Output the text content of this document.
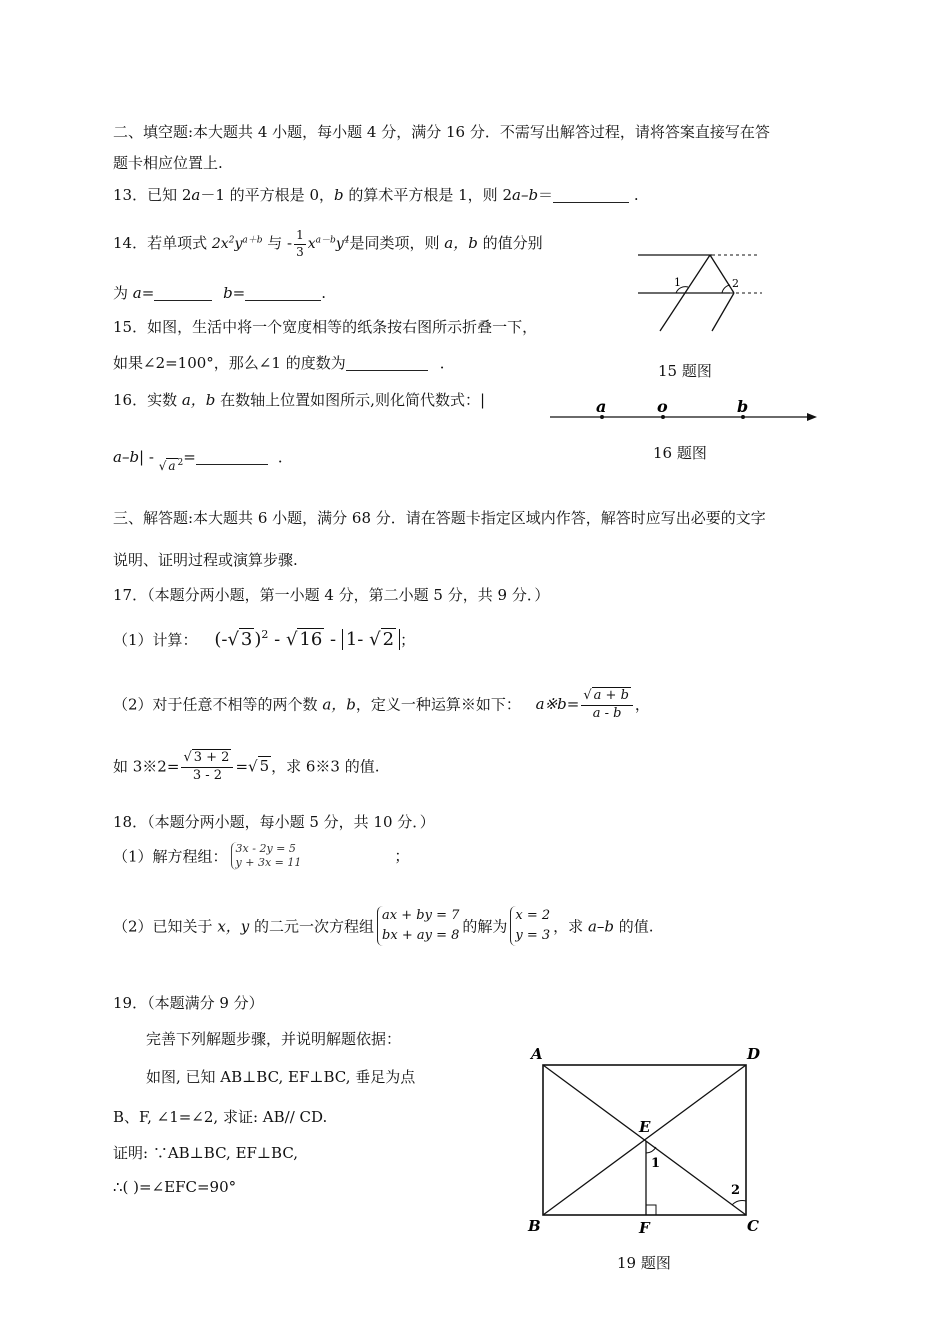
二、填空题:本大题共 4 小题，每小题 4 分，满分 16 分．不需写出解答过程，请将答案直接写在答
题卡相应位置上.
13．已知 2a－1 的平方根是 0，b 的算术平方根是 1，则 2a–b＝	.
14．若单项式 $2x^2y^{a+b}$ 与 - $\frac{1}{3} x^{a-b}y^4$是同类项，则 a，b 的值分别
为 a=	b=	.
15．如图，生活中将一个宽度相等的纸条按右图所示折叠一下，
如果∠2=100°，那么∠1 的度数为	．
1	2
15 题图
16．实数 a，b 在数轴上位置如图所示,则化简代数式：|
a–b| - √ a $^2$=	．
a	o	b
16 题图
三、解答题:本大题共 6 小题，满分 68 分．请在答题卡指定区域内作答，解答时应写出必要的文字
说明、证明过程或演算步骤.
17．（本题分两小题，第一小题 4 分，第二小题 5 分，共 9 分．）
（1）计算： (-√ 3 )$^2$ - √ 16 - 1- √ 2 ；
（2）对于任意不相等的两个数 a，b，定义一种运算※如下： a※b= $\frac{√ a + b}{a - b}$ ，
如 3※2= $\frac{√ 3 + 2}{3 - 2}$ =√ 5 ，求 6※3 的值.
18．（本题分两小题，每小题 5 分，共 10 分．）
（1）解方程组： 3x - 2y = 5
y + 3x = 11	；
（2）已知关于 x，y 的二元一次方程组
ax + by = 7
bx + ay = 8 的解为
x = 2
y = 3 ，求 a–b 的值.
19．（本题满分 9 分）
完善下列解题步骤，并说明解题依据：
如图, 已知 AB⊥BC, EF⊥BC, 垂足为点
B、F, ∠1=∠2, 求证: AB// CD.
证明: ∵AB⊥BC, EF⊥BC,
∴( )=∠EFC=90°
A	D
E
B	F	C
1
2
19 题图
